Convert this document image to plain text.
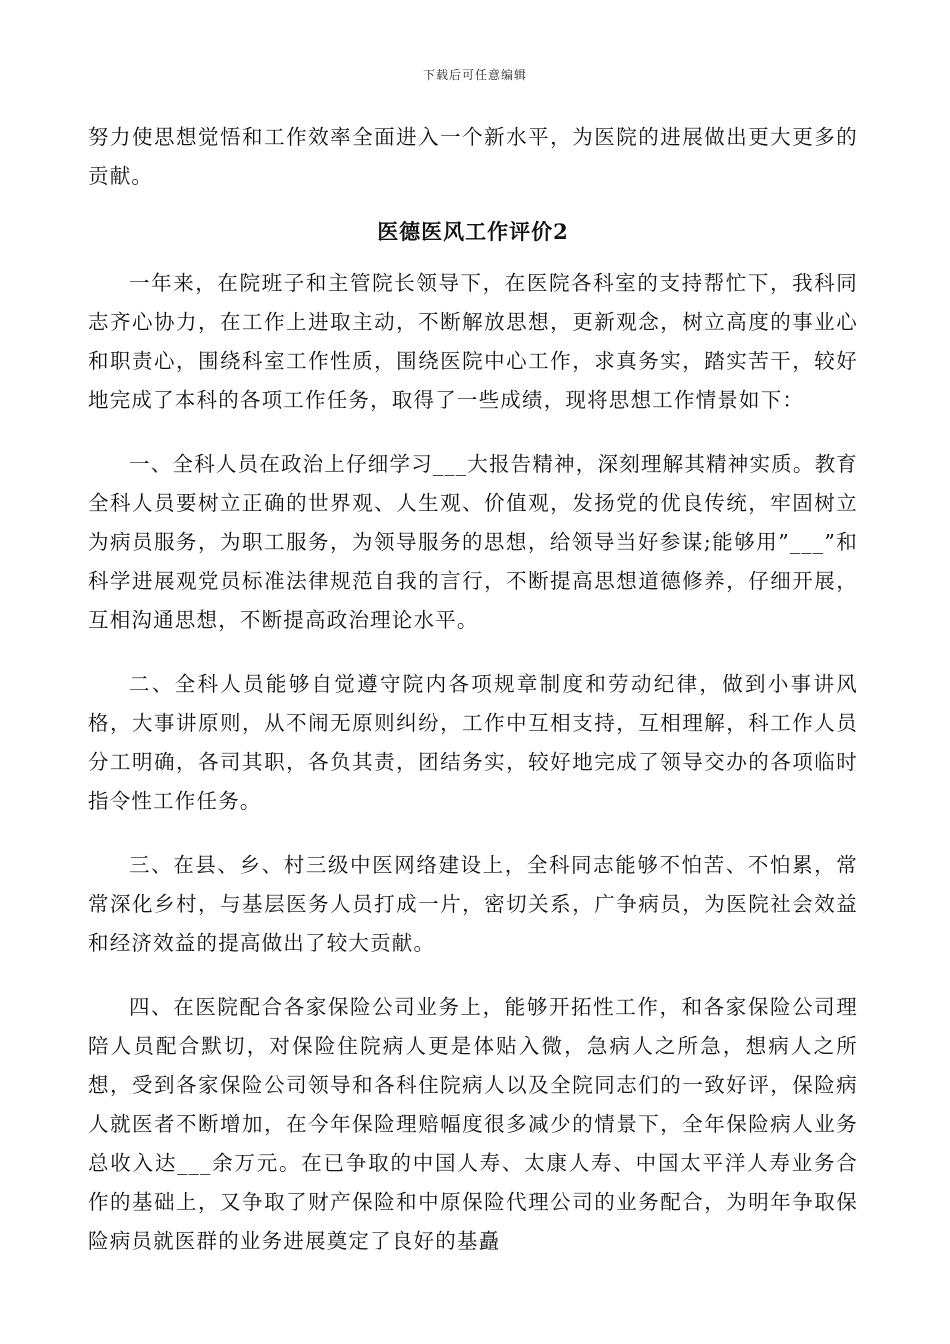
下载后可任意编辑

努力使思想觉悟和工作效率全面进入一个新水平，为医院的进展做出更大更多的贡献。

医德医风工作评价2

一年来，在院班子和主管院长领导下，在医院各科室的支持帮忙下，我科同志齐心协力，在工作上进取主动，不断解放思想，更新观念，树立高度的事业心和职责心，围绕科室工作性质，围绕医院中心工作，求真务实，踏实苦干，较好地完成了本科的各项工作任务，取得了一些成绩，现将思想工作情景如下：

一、全科人员在政治上仔细学习___大报告精神，深刻理解其精神实质。教育全科人员要树立正确的世界观、人生观、价值观，发扬党的优良传统，牢固树立为病员服务，为职工服务，为领导服务的思想，给领导当好参谋;能够用”___”和科学进展观党员标准法律规范自我的言行，不断提高思想道德修养，仔细开展，互相沟通思想，不断提高政治理论水平。

二、全科人员能够自觉遵守院内各项规章制度和劳动纪律，做到小事讲风格，大事讲原则，从不闹无原则纠纷，工作中互相支持，互相理解，科工作人员分工明确，各司其职，各负其责，团结务实，较好地完成了领导交办的各项临时指令性工作任务。

三、在县、乡、村三级中医网络建设上，全科同志能够不怕苦、不怕累，常常深化乡村，与基层医务人员打成一片，密切关系，广争病员，为医院社会效益和经济效益的提高做出了较大贡献。

四、在医院配合各家保险公司业务上，能够开拓性工作，和各家保险公司理陪人员配合默切，对保险住院病人更是体贴入微，急病人之所急，想病人之所想，受到各家保险公司领导和各科住院病人以及全院同志们的一致好评，保险病人就医者不断增加，在今年保险理赔幅度很多减少的情景下，全年保险病人业务总收入达___余万元。在已争取的中国人寿、太康人寿、中国太平洋人寿业务合作的基础上，又争取了财产保险和中原保险代理公司的业务配合，为明年争取保险病员就医群的业务进展奠定了良好的基矗
